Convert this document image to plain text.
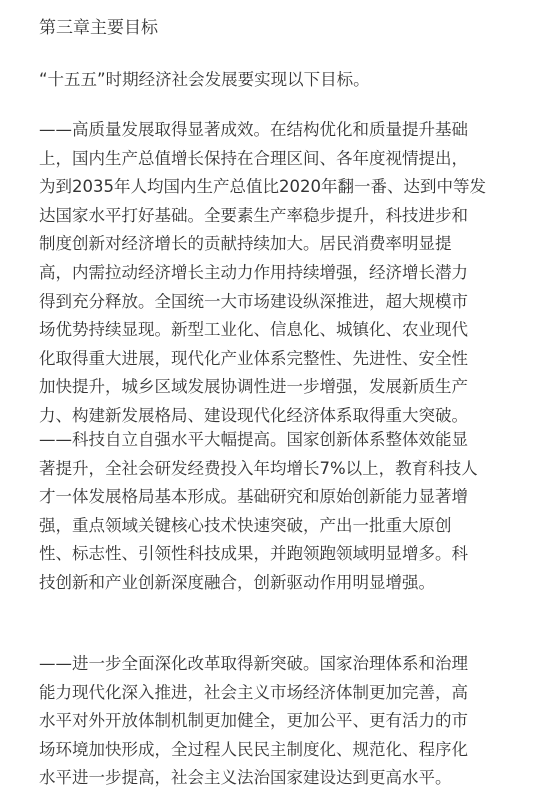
第三章主要目标
“十五五”时期经济社会发展要实现以下目标。
——高质量发展取得显著成效。在结构优化和质量提升基础
上，国内生产总值增长保持在合理区间、各年度视情提出，
为到2035年人均国内生产总值比2020年翻一番、达到中等发
达国家水平打好基础。全要素生产率稳步提升，科技进步和
制度创新对经济增长的贡献持续加大。居民消费率明显提
高，内需拉动经济增长主动力作用持续增强，经济增长潜力
得到充分释放。全国统一大市场建设纵深推进，超大规模市
场优势持续显现。新型工业化、信息化、城镇化、农业现代
化取得重大进展，现代化产业体系完整性、先进性、安全性
加快提升，城乡区域发展协调性进一步增强，发展新质生产
力、构建新发展格局、建设现代化经济体系取得重大突破。
——科技自立自强水平大幅提高。国家创新体系整体效能显
著提升，全社会研发经费投入年均增长7%以上，教育科技人
才一体发展格局基本形成。基础研究和原始创新能力显著增
强，重点领域关键核心技术快速突破，产出一批重大原创
性、标志性、引领性科技成果，并跑领跑领域明显增多。科
技创新和产业创新深度融合，创新驱动作用明显增强。
——进一步全面深化改革取得新突破。国家治理体系和治理
能力现代化深入推进，社会主义市场经济体制更加完善，高
水平对外开放体制机制更加健全，更加公平、更有活力的市
场环境加快形成，全过程人民民主制度化、规范化、程序化
水平进一步提高，社会主义法治国家建设达到更高水平。
